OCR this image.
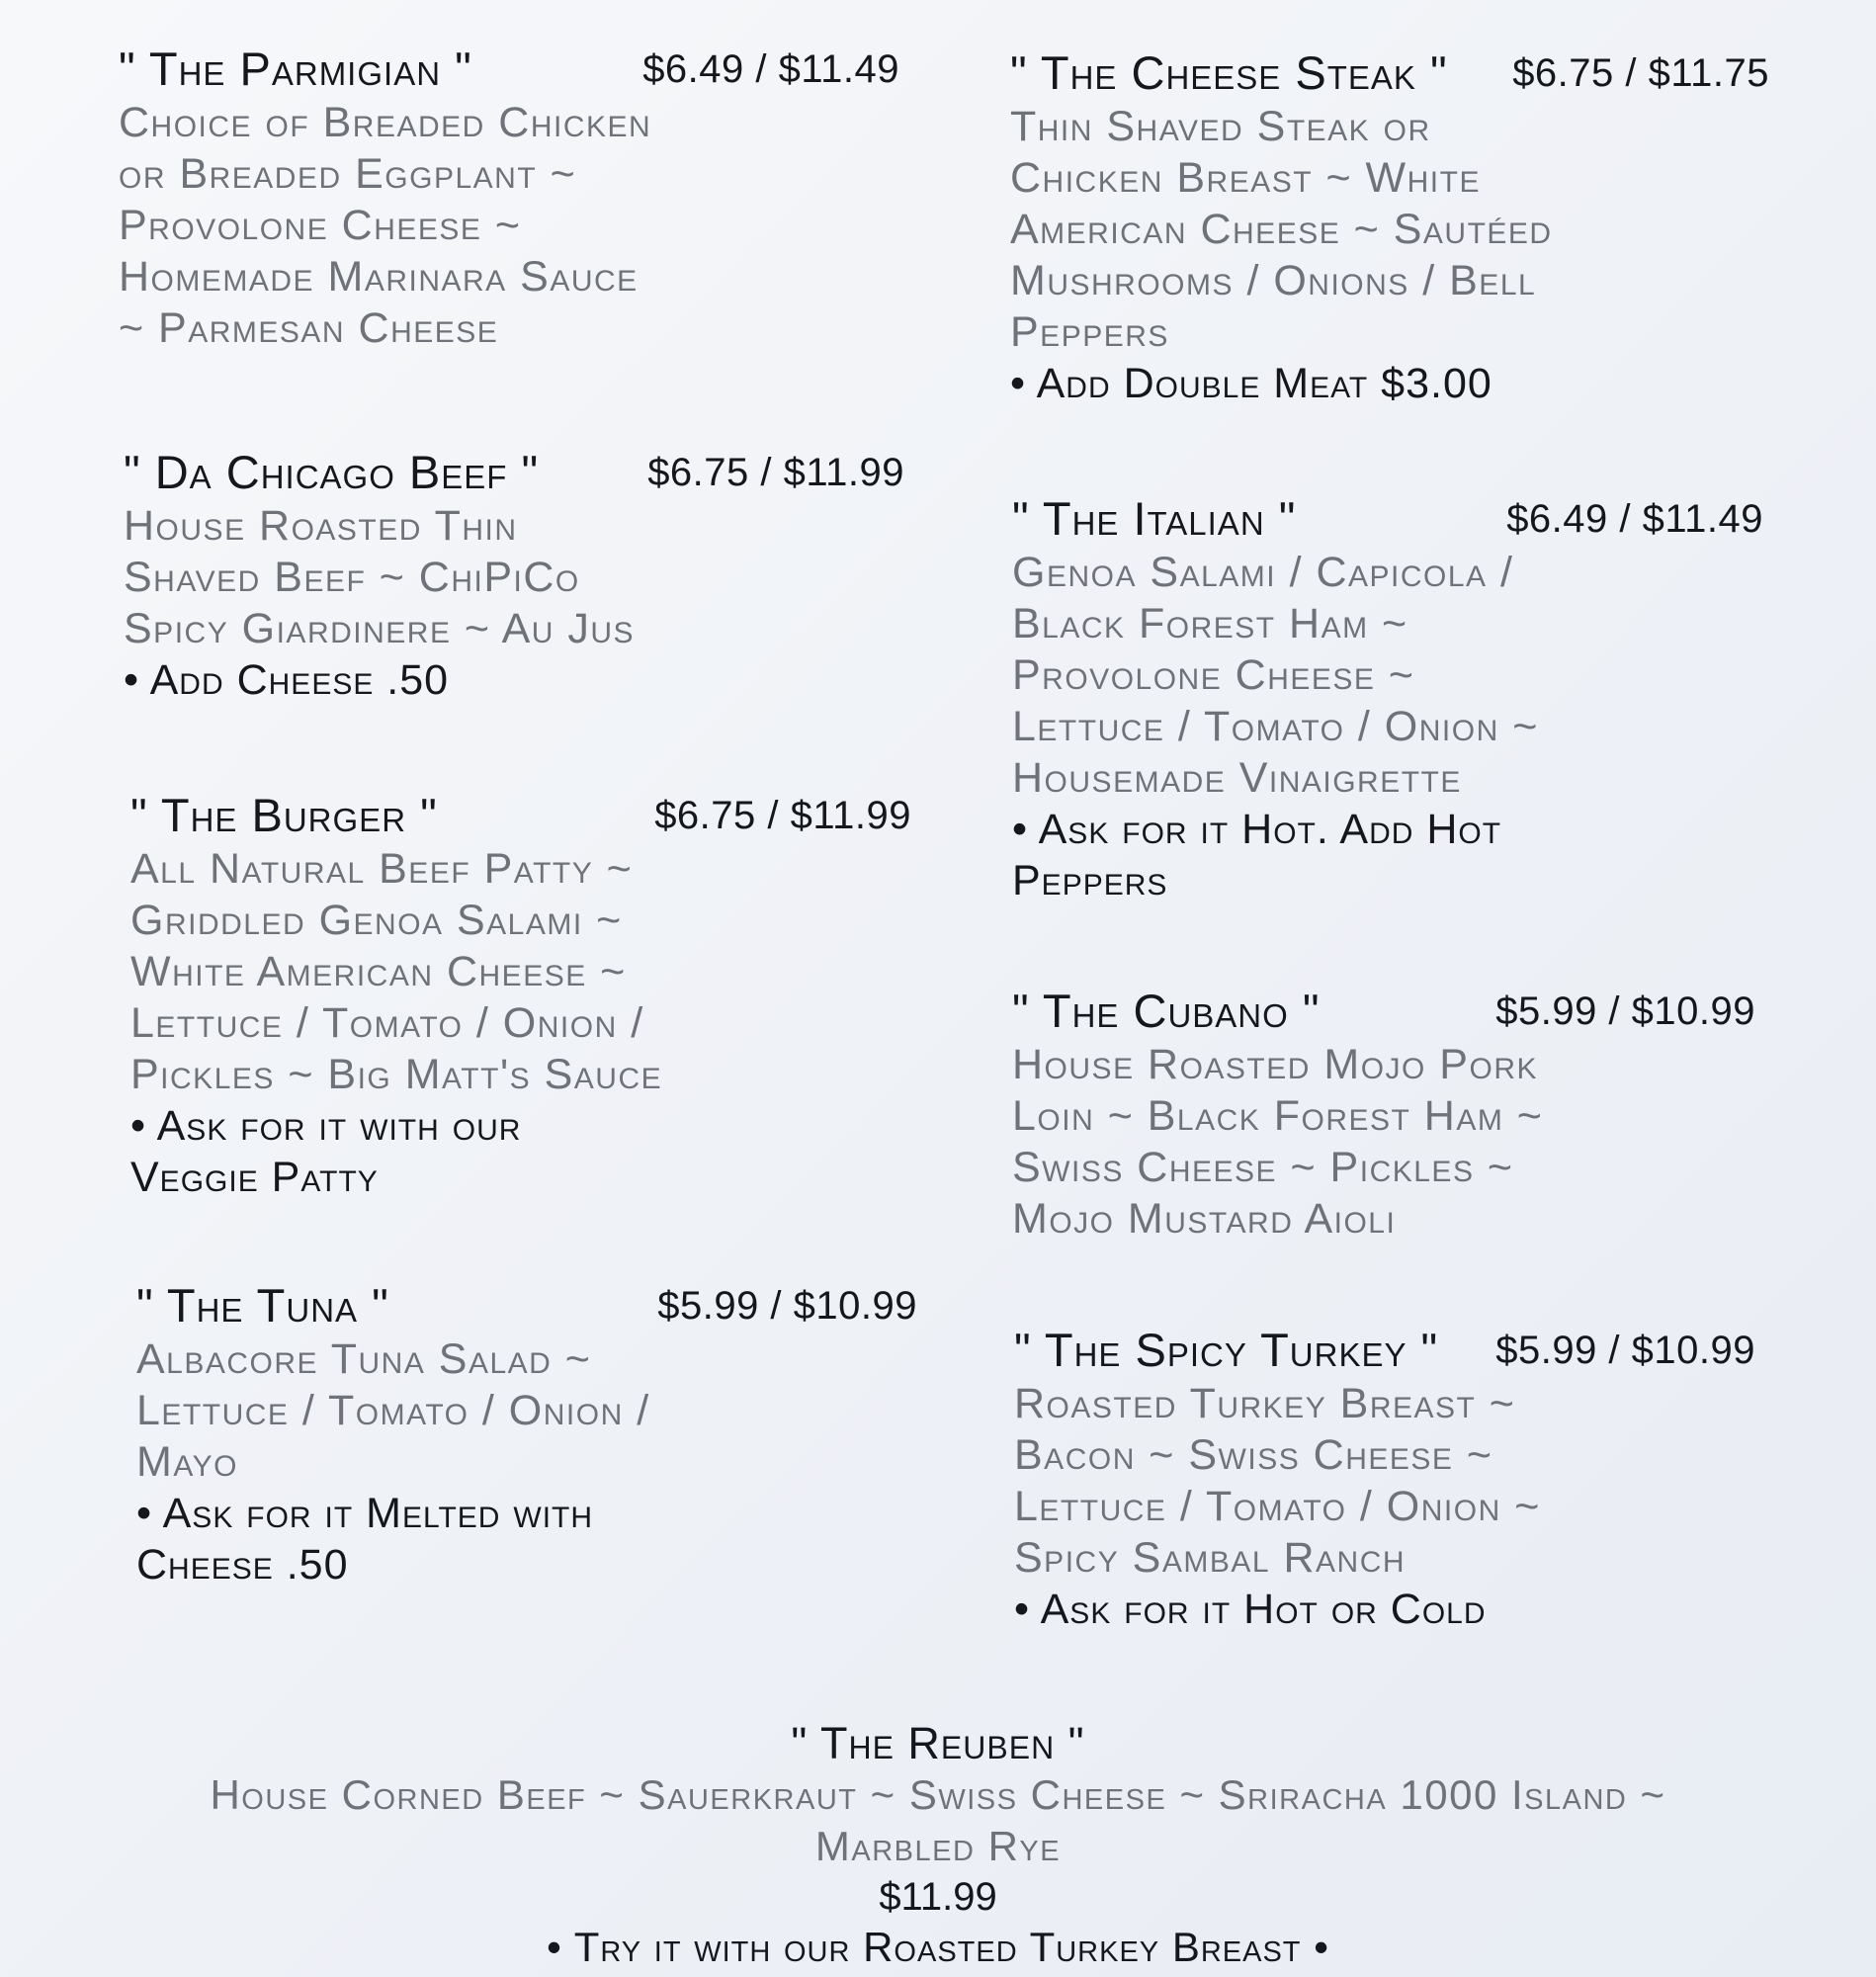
" The Parmigian "	$6.49 / $11.49
Choice of Breaded Chicken
or Breaded Eggplant ~
Provolone Cheese ~
Homemade Marinara Sauce
~ Parmesan Cheese
" Da Chicago Beef "	$6.75 / $11.99
House Roasted Thin
Shaved Beef ~ ChiPiCo
Spicy Giardinere ~ Au Jus
• Add Cheese .50
" The Burger "	$6.75 / $11.99
All Natural Beef Patty ~
Griddled Genoa Salami ~
White American Cheese ~
Lettuce / Tomato / Onion /
Pickles ~ Big Matt's Sauce
• Ask for it with our
Veggie Patty
" The Tuna "	$5.99 / $10.99
Albacore Tuna Salad ~
Lettuce / Tomato / Onion /
Mayo
• Ask for it Melted with
Cheese .50
" The Cheese Steak " $6.75 / $11.75
Thin Shaved Steak or
Chicken Breast ~ White
American Cheese ~ Sautéed
Mushrooms / Onions / Bell
Peppers
• Add Double Meat $3.00
" The Italian "	$6.49 / $11.49
Genoa Salami / Capicola /
Black Forest Ham ~
Provolone Cheese ~
Lettuce / Tomato / Onion ~
Housemade Vinaigrette
• Ask for it Hot. Add Hot
Peppers
" The Cubano "	$5.99 / $10.99
House Roasted Mojo Pork
Loin ~ Black Forest Ham ~
Swiss Cheese ~ Pickles ~
Mojo Mustard Aioli
" The Spicy Turkey " $5.99 / $10.99
Roasted Turkey Breast ~
Bacon ~ Swiss Cheese ~
Lettuce / Tomato / Onion ~
Spicy Sambal Ranch
• Ask for it Hot or Cold
" The Reuben "
House Corned Beef ~ Sauerkraut ~ Swiss Cheese ~ Sriracha 1000 Island ~
Marbled Rye
$11.99
• Try it with our Roasted Turkey Breast •
